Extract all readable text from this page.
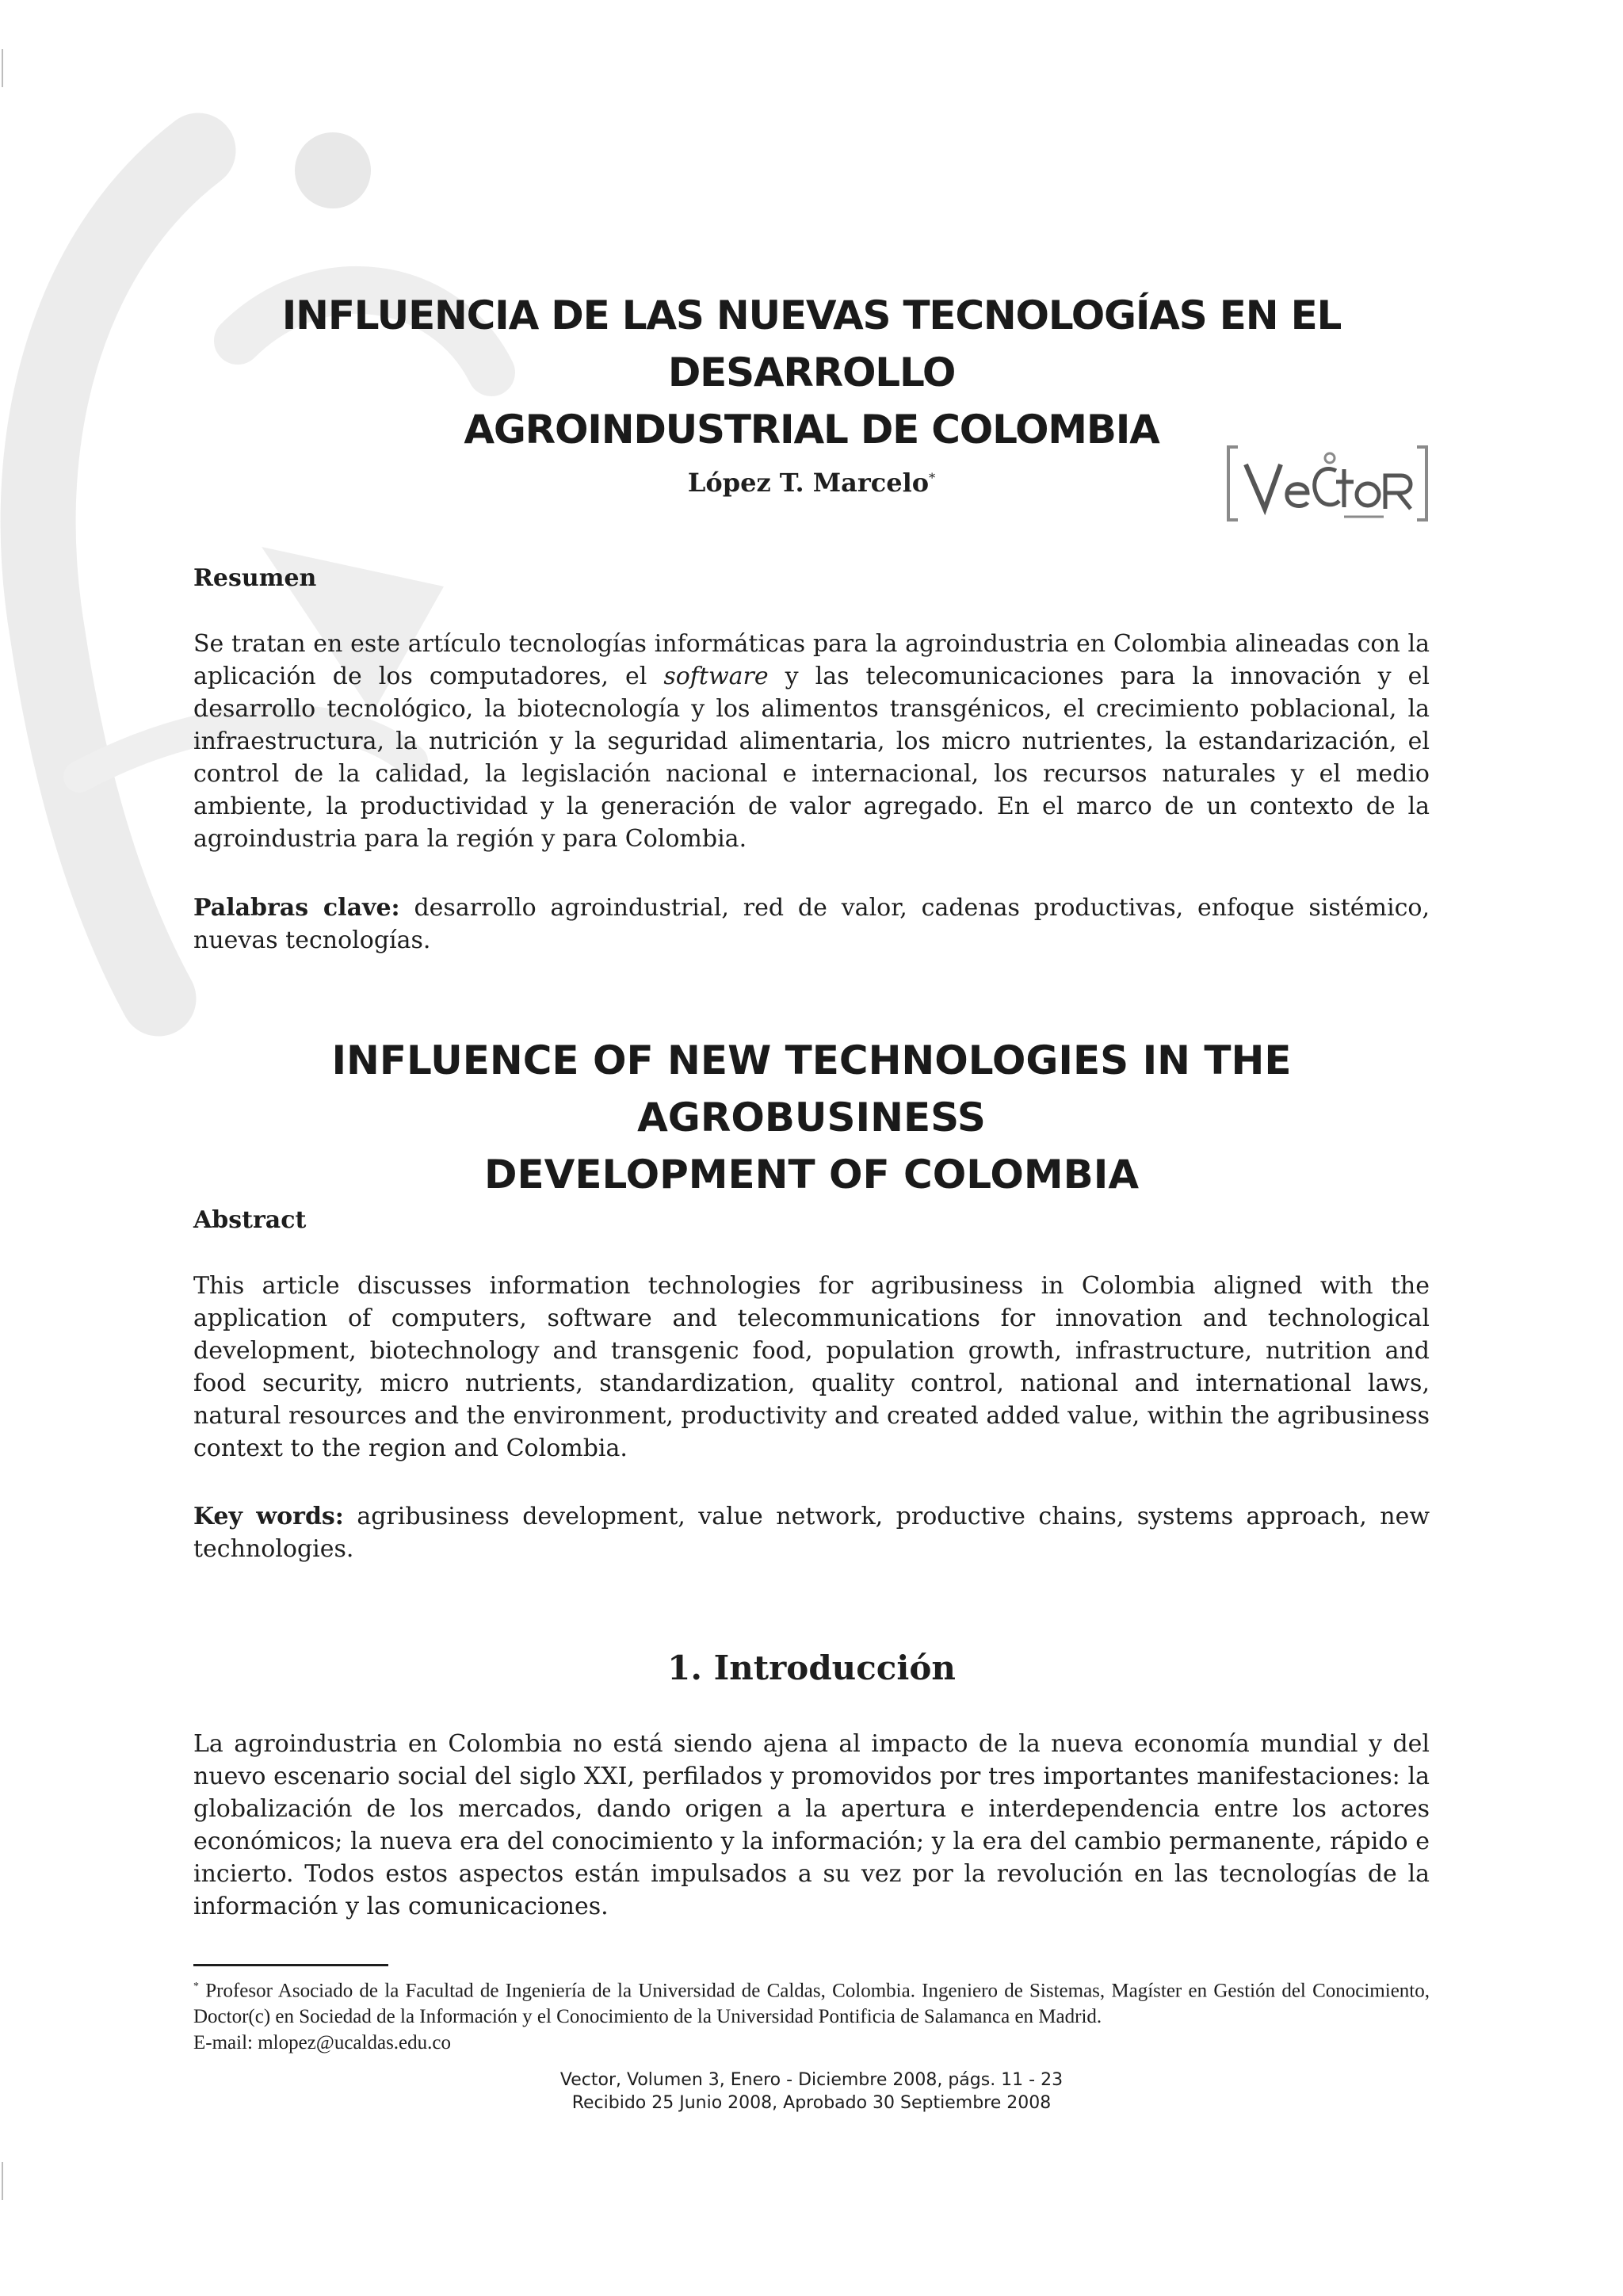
INFLUENCIA DE LAS NUEVAS TECNOLOGÍAS EN EL DESARROLLO
AGROINDUSTRIAL DE COLOMBIA
López T. Marcelo*
Resumen

Se tratan en este artículo tecnologías informáticas para la agroindustria en Colombia alineadas con la aplicación de los computadores, el software y las telecomunicaciones para la innovación y el desarrollo tecnológico, la biotecnología y los alimentos transgénicos, el crecimiento poblacional, la infraestructura, la nutrición y la seguridad alimentaria, los micro nutrientes, la estandarización, el control de la calidad, la legislación nacional e internacional, los recursos naturales y el medio ambiente, la productividad y la generación de valor agregado. En el marco de un contexto de la agroindustria para la región y para Colombia.

Palabras clave: desarrollo agroindustrial, red de valor, cadenas productivas, enfoque sistémico, nuevas tecnologías.

INFLUENCE OF NEW TECHNOLOGIES IN THE AGROBUSINESS
DEVELOPMENT OF COLOMBIA
Abstract

This article discusses information technologies for agribusiness in Colombia aligned with the application of computers, software and telecommunications for innovation and technological development, biotechnology and transgenic food, population growth, infrastructure, nutrition and food security, micro nutrients, standardization, quality control, national and international laws, natural resources and the environment, productivity and created added value, within the agribusiness context to the region and Colombia.

Key words: agribusiness development, value network, productive chains, systems approach, new technologies.

1. Introducción

La agroindustria en Colombia no está siendo ajena al impacto de la nueva economía mundial y del nuevo escenario social del siglo XXI, perfilados y promovidos por tres importantes manifestaciones: la globalización de los mercados, dando origen a la apertura e interdependencia entre los actores económicos; la nueva era del conocimiento y la información; y la era del cambio permanente, rápido e incierto. Todos estos aspectos están impulsados a su vez por la revolución en las tecnologías de la información y las comunicaciones.

* Profesor Asociado de la Facultad de Ingeniería de la Universidad de Caldas, Colombia. Ingeniero de Sistemas, Magíster en Gestión del Conocimiento, Doctor(c) en Sociedad de la Información y el Conocimiento de la Universidad Pontificia de Salamanca en Madrid.
E-mail: mlopez@ucaldas.edu.co
Vector, Volumen 3, Enero - Diciembre 2008, págs. 11 - 23
Recibido 25 Junio 2008, Aprobado 30 Septiembre 2008
